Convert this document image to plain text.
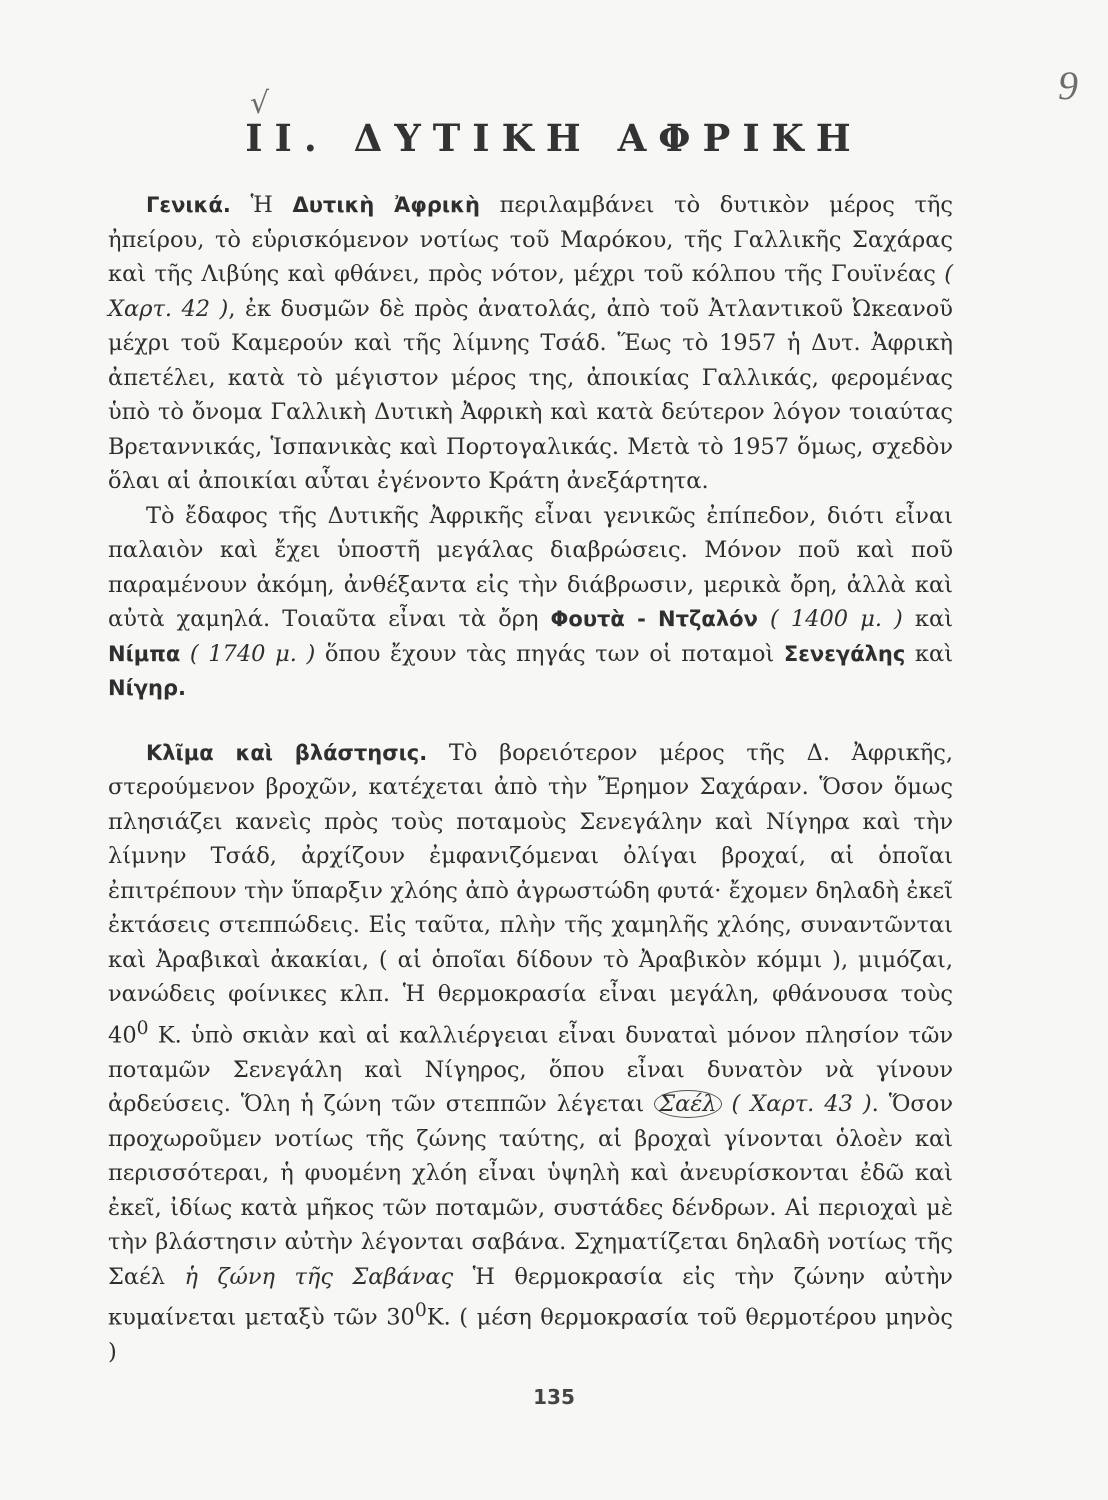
√	9
II. ΔΥΤΙΚΗ ΑΦΡΙΚΗ

Γενικά. Ἡ Δυτικὴ Ἀφρικὴ περιλαμβάνει τὸ δυτικὸν μέρος τῆς ἠπείρου, τὸ εὑρισκόμενον νοτίως τοῦ Μαρόκου, τῆς Γαλλικῆς Σαχάρας καὶ τῆς Λιβύης καὶ φθάνει, πρὸς νότον, μέχρι τοῦ κόλπου τῆς Γουϊνέας ( Χαρτ. 42 ), ἐκ δυσμῶν δὲ πρὸς ἀνατολάς, ἀπὸ τοῦ Ἀτλαντικοῦ Ὠκεανοῦ μέχρι τοῦ Καμερούν καὶ τῆς λίμνης Τσάδ. Ἕως τὸ 1957 ἡ Δυτ. Ἀφρικὴ ἀπετέλει, κατὰ τὸ μέγιστον μέρος της, ἀποικίας Γαλλικάς, φερομένας ὑπὸ τὸ ὄνομα Γαλλικὴ Δυτικὴ Ἀφρικὴ καὶ κατὰ δεύτερον λόγον τοιαύτας Βρεταννικάς, Ἱσπανικὰς καὶ Πορτογαλικάς. Μετὰ τὸ 1957 ὅμως, σχεδὸν ὅλαι αἱ ἀποικίαι αὗται ἐγένοντο Κράτη ἀνεξάρτητα.

Τὸ ἔδαφος τῆς Δυτικῆς Ἀφρικῆς εἶναι γενικῶς ἐπίπεδον, διότι εἶναι παλαιὸν καὶ ἔχει ὑποστῆ μεγάλας διαβρώσεις. Μόνον ποῦ καὶ ποῦ παραμένουν ἀκόμη, ἀνθέξαντα εἰς τὴν διάβρωσιν, μερικὰ ὄρη, ἀλλὰ καὶ αὐτὰ χαμηλά. Τοιαῦτα εἶναι τὰ ὄρη Φουτὰ - Ντζαλόν ( 1400 μ. ) καὶ Νίμπα ( 1740 μ. ) ὅπου ἔχουν τὰς πηγάς των οἱ ποταμοὶ Σενεγάλης καὶ Νίγηρ.

Κλῖμα καὶ βλάστησις. Τὸ βορειότερον μέρος τῆς Δ. Ἀφρικῆς, στερούμενον βροχῶν, κατέχεται ἀπὸ τὴν Ἔρημον Σαχάραν. Ὅσον ὅμως πλησιάζει κανεὶς πρὸς τοὺς ποταμοὺς Σενεγάλην καὶ Νίγηρα καὶ τὴν λίμνην Τσάδ, ἀρχίζουν ἐμφανιζόμεναι ὀλίγαι βροχαί, αἱ ὁποῖαι ἐπιτρέπουν τὴν ὕπαρξιν χλόης ἀπὸ ἀγρωστώδη φυτά· ἔχομεν δηλαδὴ ἐκεῖ ἐκτάσεις στεππώδεις. Εἰς ταῦτα, πλὴν τῆς χαμηλῆς χλόης, συναντῶνται καὶ Ἀραβικαὶ ἀκακίαι, ( αἱ ὁποῖαι δίδουν τὸ Ἀραβικὸν κόμμι ), μιμόζαι, νανώδεις φοίνικες κλπ. Ἡ θερμοκρασία εἶναι μεγάλη, φθάνουσα τοὺς $40^0$ Κ. ὑπὸ σκιὰν καὶ αἱ καλλιέργειαι εἶναι δυναταὶ μόνον πλησίον τῶν ποταμῶν Σενεγάλη καὶ Νίγηρος, ὅπου εἶναι δυνατὸν νὰ γίνουν ἀρδεύσεις. Ὅλη ἡ ζώνη τῶν στεππῶν λέγεται Σαέλ ( Χαρτ. 43 ). Ὅσον προχωροῦμεν νοτίως τῆς ζώνης ταύτης, αἱ βροχαὶ γίνονται ὁλοὲν καὶ περισσότεραι, ἡ φυομένη χλόη εἶναι ὑψηλὴ καὶ ἀνευρίσκονται ἐδῶ καὶ ἐκεῖ, ἰδίως κατὰ μῆκος τῶν ποταμῶν, συστάδες δένδρων. Αἱ περιοχαὶ μὲ τὴν βλάστησιν αὐτὴν λέγονται σαβάνα. Σχηματίζεται δηλαδὴ νοτίως τῆς Σαέλ ἡ ζώνη τῆς Σαβάνας Ἡ θερμοκρασία εἰς τὴν ζώνην αὐτὴν κυμαίνεται μεταξὺ τῶν $30^0K$. ( μέση θερμοκρασία τοῦ θερμοτέρου μηνὸς )

135
